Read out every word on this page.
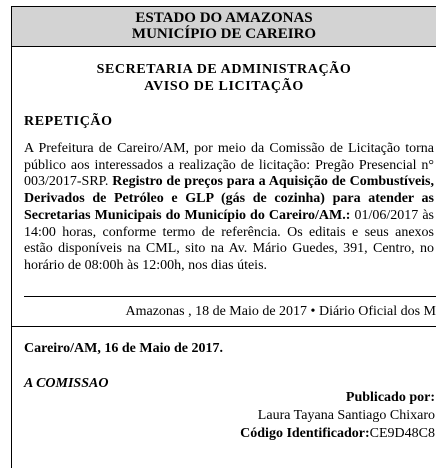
ESTADO DO AMAZONAS
MUNICÍPIO DE CAREIRO
SECRETARIA DE ADMINISTRAÇÃO
AVISO DE LICITAÇÃO
REPETIÇÃO
A Prefeitura de Careiro/AM, por meio da Comissão de Licitação torna público aos interessados a realização de licitação: Pregão Presencial n° 003/2017-SRP. Registro de preços para a Aquisição de Combustíveis, Derivados de Petróleo e GLP (gás de cozinha) para atender as Secretarias Municipais do Município do Careiro/AM.: 01/06/2017 às 14:00 horas, conforme termo de referência. Os editais e seus anexos estão disponíveis na CML, sito na Av. Mário Guedes, 391, Centro, no horário de 08:00h às 12:00h, nos dias úteis.
Amazonas , 18 de Maio de 2017 • Diário Oficial dos M
Careiro/AM, 16 de Maio de 2017.
A COMISSAO
Publicado por:
Laura Tayana Santiago Chixaro
Código Identificador:CE9D48C8
